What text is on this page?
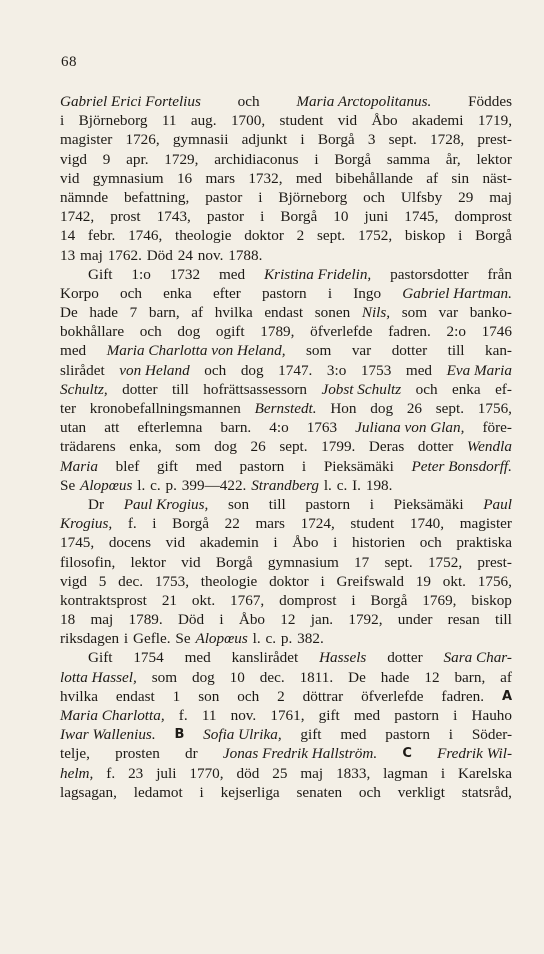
68
Gabriel Erici Fortelius och Maria Arctopolitanus. Föddes
i Björneborg 11 aug. 1700, student vid Åbo akademi 1719,
magister 1726, gymnasii adjunkt i Borgå 3 sept. 1728, prest-
vigd 9 apr. 1729, archidiaconus i Borgå samma år, lektor
vid gymnasium 16 mars 1732, med bibehållande af sin näst-
nämnde befattning, pastor i Björneborg och Ulfsby 29 maj
1742, prost 1743, pastor i Borgå 10 juni 1745, domprost
14 febr. 1746, theologie doktor 2 sept. 1752, biskop i Borgå
13 maj 1762. Död 24 nov. 1788.
Gift 1:o 1732 med Kristina Fridelin, pastorsdotter från
Korpo och enka efter pastorn i Ingo Gabriel Hartman.
De hade 7 barn, af hvilka endast sonen Nils, som var banko-
bokhållare och dog ogift 1789, öfverlefde fadren. 2:o 1746
med Maria Charlotta von Heland, som var dotter till kan-
slirådet von Heland och dog 1747. 3:o 1753 med Eva Maria
Schultz, dotter till hofrättsassessorn Jobst Schultz och enka ef-
ter kronobefallningsmannen Bernstedt. Hon dog 26 sept. 1756,
utan att efterlemna barn. 4:o 1763 Juliana von Glan, före-
trädarens enka, som dog 26 sept. 1799. Deras dotter Wendla
Maria blef gift med pastorn i Pieksämäki Peter Bonsdorff.
Se Alopœus l. c. p. 399—422. Strandberg l. c. I. 198.
Dr Paul Krogius, son till pastorn i Pieksämäki Paul
Krogius, f. i Borgå 22 mars 1724, student 1740, magister
1745, docens vid akademin i Åbo i historien och praktiska
filosofin, lektor vid Borgå gymnasium 17 sept. 1752, prest-
vigd 5 dec. 1753, theologie doktor i Greifswald 19 okt. 1756,
kontraktsprost 21 okt. 1767, domprost i Borgå 1769, biskop
18 maj 1789. Död i Åbo 12 jan. 1792, under resan till
riksdagen i Gefle. Se Alopœus l. c. p. 382.
Gift 1754 med kanslirådet Hassels dotter Sara Char-
lotta Hassel, som dog 10 dec. 1811. De hade 12 barn, af
hvilka endast 1 son och 2 döttrar öfverlefde fadren. A
Maria Charlotta, f. 11 nov. 1761, gift med pastorn i Hauho
Iwar Wallenius. B Sofia Ulrika, gift med pastorn i Söder-
telje, prosten dr Jonas Fredrik Hallström. C Fredrik Wil-
helm, f. 23 juli 1770, död 25 maj 1833, lagman i Karelska
lagsagan, ledamot i kejserliga senaten och verkligt statsråd,
